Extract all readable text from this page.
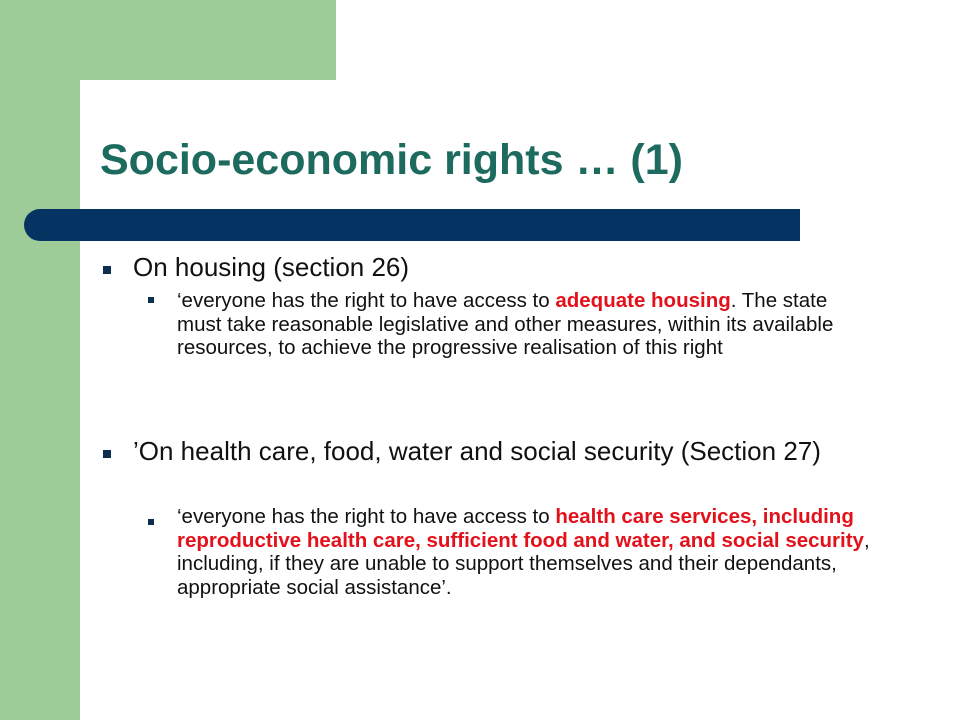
Socio-economic rights … (1)
On housing (section 26)
‘everyone has the right to have access to adequate housing. The state must take reasonable legislative and other measures, within its available resources, to achieve the progressive realisation of this right
’On health care, food, water and social security (Section 27)
‘everyone has the right to have access to health care services, including reproductive health care, sufficient food and water, and social security, including, if they are unable to support themselves and their dependants, appropriate social assistance’.
